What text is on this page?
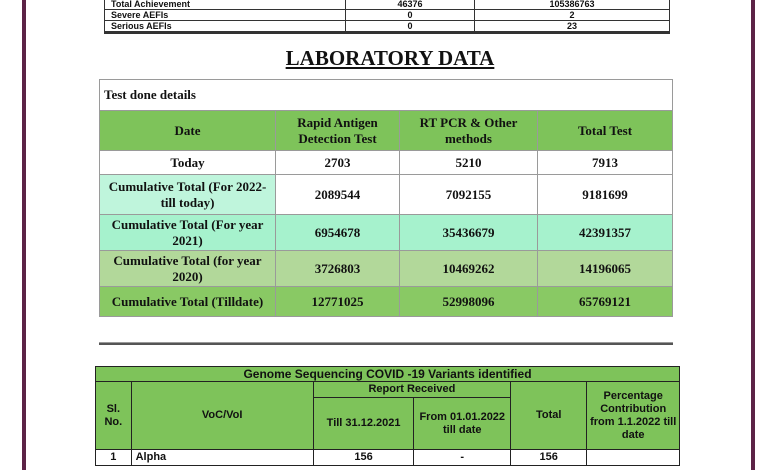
Total Achievement	46376	105386763
Severe AEFIs	0	2
Serious AEFIs	0	23
LABORATORY DATA
Test done details			
Date	Rapid Antigen Detection Test	RT PCR & Other methods	Total Test
Today	2703	5210	7913
Cumulative Total (For 2022- till today)	2089544	7092155	9181699
Cumulative Total (For year 2021)	6954678	35436679	42391357
Cumulative Total (for year 2020)	3726803	10469262	14196065
Cumulative Total (Tilldate)	12771025	52998096	65769121

Genome Sequencing COVID -19 Variants identified					
Sl. No.	VoC/VoI	Report Received		Total	Percentage Contribution from 1.1.2022 till date
		Till 31.12.2021	From 01.01.2022 till date		
1	Alpha	156	-	156	
